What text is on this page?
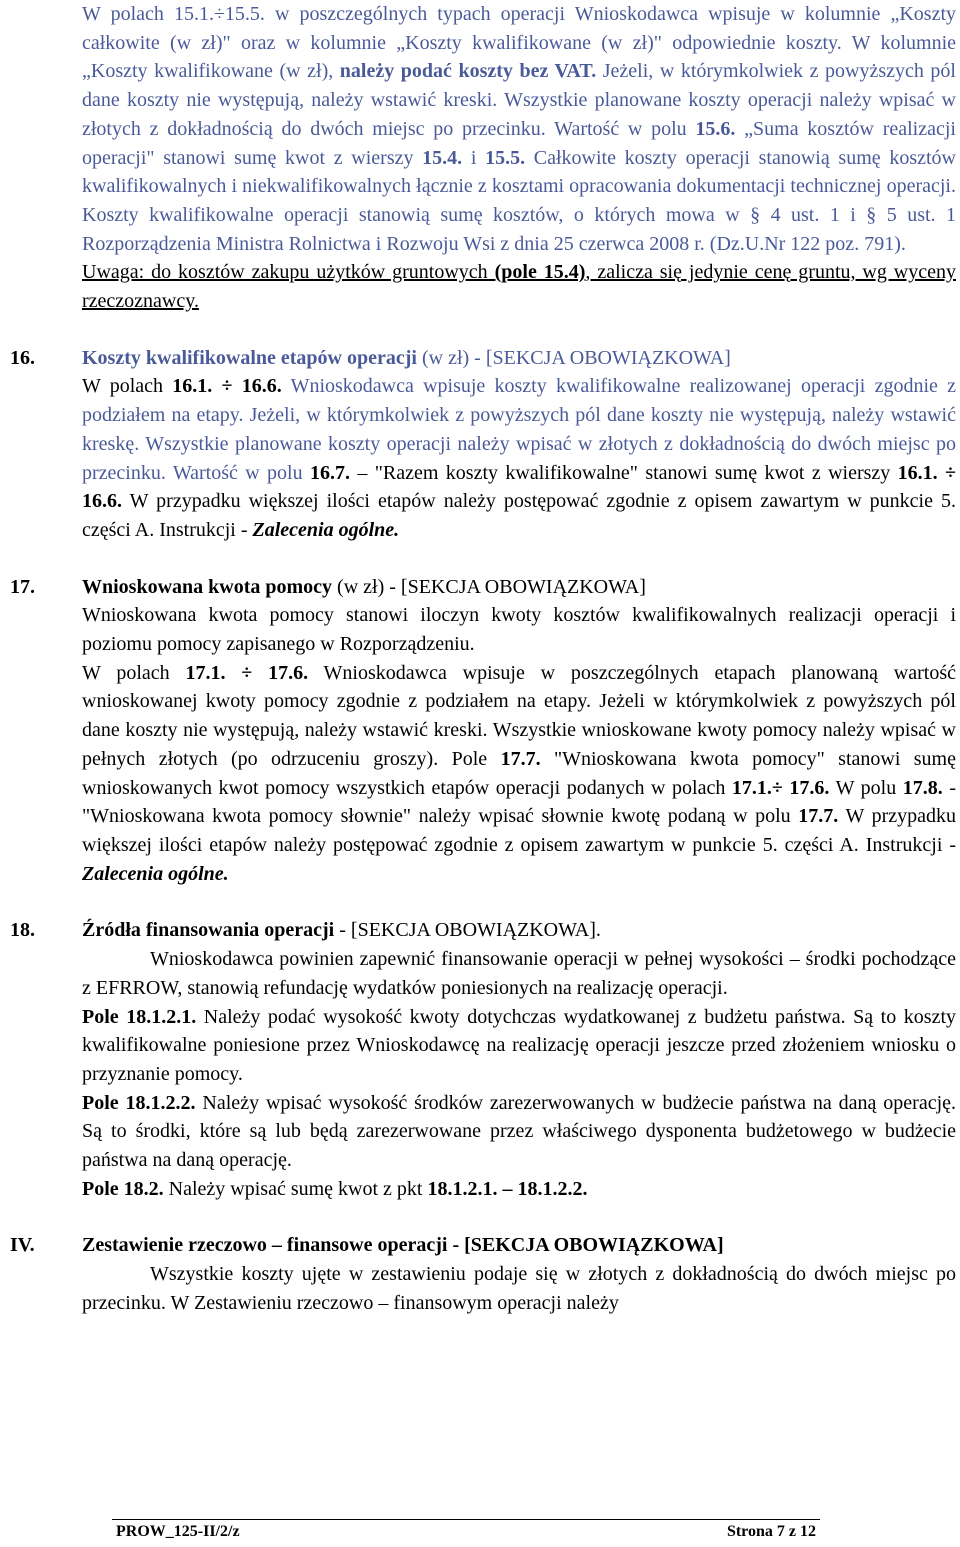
W polach 15.1.÷15.5. w poszczególnych typach operacji Wnioskodawca wpisuje w kolumnie „Koszty całkowite (w zł)" oraz w kolumnie „Koszty kwalifikowane (w zł)" odpowiednie koszty. W kolumnie „Koszty kwalifikowane (w zł), należy podać koszty bez VAT. Jeżeli, w którymkolwiek z powyższych pól dane koszty nie występują, należy wstawić kreski. Wszystkie planowane koszty operacji należy wpisać w złotych z dokładnością do dwóch miejsc po przecinku. Wartość w polu 15.6. „Suma kosztów realizacji operacji" stanowi sumę kwot z wierszy 15.4. i 15.5. Całkowite koszty operacji stanowią sumę kosztów kwalifikowalnych i niekwalifikowalnych łącznie z kosztami opracowania dokumentacji technicznej operacji. Koszty kwalifikowalne operacji stanowią sumę kosztów, o których mowa w § 4 ust. 1 i § 5 ust. 1 Rozporządzenia Ministra Rolnictwa i Rozwoju Wsi z dnia 25 czerwca 2008 r. (Dz.U.Nr 122 poz. 791).

Uwaga: do kosztów zakupu użytków gruntowych (pole 15.4), zalicza się jedynie cenę gruntu, wg wyceny rzeczoznawcy.

16. Koszty kwalifikowalne etapów operacji (w zł) - [SEKCJA OBOWIĄZKOWA]

W polach 16.1. ÷ 16.6. Wnioskodawca wpisuje koszty kwalifikowalne realizowanej operacji zgodnie z podziałem na etapy. Jeżeli, w którymkolwiek z powyższych pól dane koszty nie występują, należy wstawić kreskę. Wszystkie planowane koszty operacji należy wpisać w złotych z dokładnością do dwóch miejsc po przecinku. Wartość w polu 16.7. – "Razem koszty kwalifikowalne" stanowi sumę kwot z wierszy 16.1. ÷ 16.6. W przypadku większej ilości etapów należy postępować zgodnie z opisem zawartym w punkcie 5. części A. Instrukcji - Zalecenia ogólne.

17. Wnioskowana kwota pomocy (w zł) - [SEKCJA OBOWIĄZKOWA]

Wnioskowana kwota pomocy stanowi iloczyn kwoty kosztów kwalifikowalnych realizacji operacji i poziomu pomocy zapisanego w Rozporządzeniu.

W polach 17.1. ÷ 17.6. Wnioskodawca wpisuje w poszczególnych etapach planowaną wartość wnioskowanej kwoty pomocy zgodnie z podziałem na etapy. Jeżeli w którymkolwiek z powyższych pól dane koszty nie występują, należy wstawić kreski. Wszystkie wnioskowane kwoty pomocy należy wpisać w pełnych złotych (po odrzuceniu groszy). Pole 17.7. "Wnioskowana kwota pomocy" stanowi sumę wnioskowanych kwot pomocy wszystkich etapów operacji podanych w polach 17.1.÷ 17.6. W polu 17.8. - "Wnioskowana kwota pomocy słownie" należy wpisać słownie kwotę podaną w polu 17.7. W przypadku większej ilości etapów należy postępować zgodnie z opisem zawartym w punkcie 5. części A. Instrukcji - Zalecenia ogólne.

18. Źródła finansowania operacji - [SEKCJA OBOWIĄZKOWA].

Wnioskodawca powinien zapewnić finansowanie operacji w pełnej wysokości – środki pochodzące z EFRROW, stanowią refundację wydatków poniesionych na realizację operacji.

Pole 18.1.2.1. Należy podać wysokość kwoty dotychczas wydatkowanej z budżetu państwa. Są to koszty kwalifikowalne poniesione przez Wnioskodawcę na realizację operacji jeszcze przed złożeniem wniosku o przyznanie pomocy.

Pole 18.1.2.2. Należy wpisać wysokość środków zarezerwowanych w budżecie państwa na daną operację. Są to środki, które są lub będą zarezerwowane przez właściwego dysponenta budżetowego w budżecie państwa na daną operację.

Pole 18.2. Należy wpisać sumę kwot z pkt 18.1.2.1. – 18.1.2.2.

IV. Zestawienie rzeczowo – finansowe operacji - [SEKCJA OBOWIĄZKOWA]

Wszystkie koszty ujęte w zestawieniu podaje się w złotych z dokładnością do dwóch miejsc po przecinku. W Zestawieniu rzeczowo – finansowym operacji należy

PROW_125-II/2/z	Strona 7 z 12
